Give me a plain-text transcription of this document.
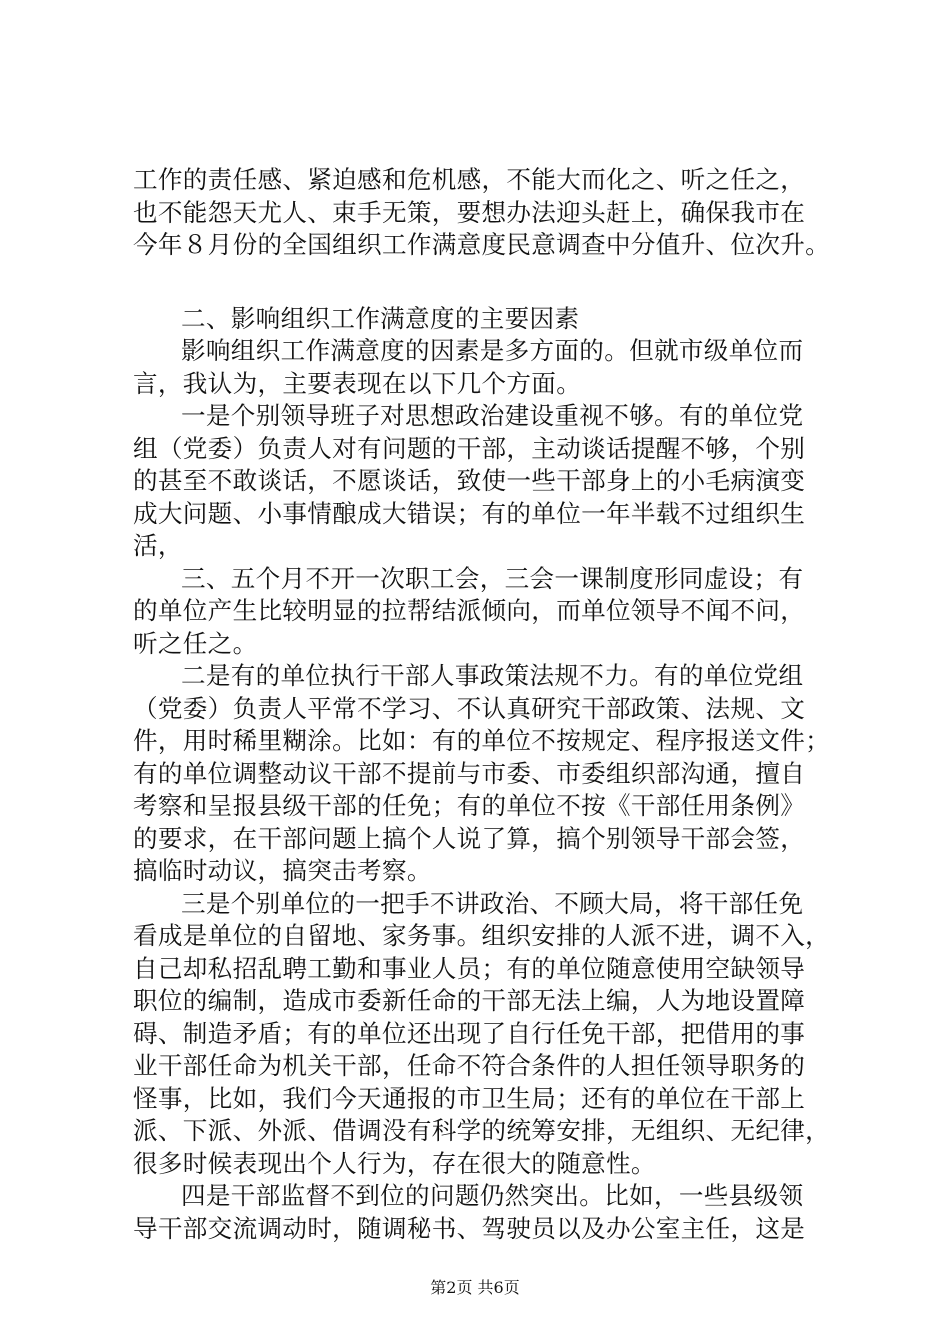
工作的责任感、紧迫感和危机感，不能大而化之、听之任之，
也不能怨天尤人、束手无策，要想办法迎头赶上，确保我市在
今年８月份的全国组织工作满意度民意调查中分值升、位次升。
二、影响组织工作满意度的主要因素
影响组织工作满意度的因素是多方面的。但就市级单位而
言，我认为，主要表现在以下几个方面。
一是个别领导班子对思想政治建设重视不够。有的单位党
组（党委）负责人对有问题的干部，主动谈话提醒不够，个别
的甚至不敢谈话，不愿谈话，致使一些干部身上的小毛病演变
成大问题、小事情酿成大错误；有的单位一年半载不过组织生
活，
三、五个月不开一次职工会，三会一课制度形同虚设；有
的单位产生比较明显的拉帮结派倾向，而单位领导不闻不问，
听之任之。
二是有的单位执行干部人事政策法规不力。有的单位党组
（党委）负责人平常不学习、不认真研究干部政策、法规、文
件，用时稀里糊涂。比如：有的单位不按规定、程序报送文件；
有的单位调整动议干部不提前与市委、市委组织部沟通，擅自
考察和呈报县级干部的任免；有的单位不按《干部任用条例》
的要求，在干部问题上搞个人说了算，搞个别领导干部会签，
搞临时动议，搞突击考察。
三是个别单位的一把手不讲政治、不顾大局，将干部任免
看成是单位的自留地、家务事。组织安排的人派不进，调不入，
自己却私招乱聘工勤和事业人员；有的单位随意使用空缺领导
职位的编制，造成市委新任命的干部无法上编，人为地设置障
碍、制造矛盾；有的单位还出现了自行任免干部，把借用的事
业干部任命为机关干部，任命不符合条件的人担任领导职务的
怪事，比如，我们今天通报的市卫生局；还有的单位在干部上
派、下派、外派、借调没有科学的统筹安排，无组织、无纪律，
很多时候表现出个人行为，存在很大的随意性。
四是干部监督不到位的问题仍然突出。比如，一些县级领
导干部交流调动时，随调秘书、驾驶员以及办公室主任，这是
第2页 共6页
